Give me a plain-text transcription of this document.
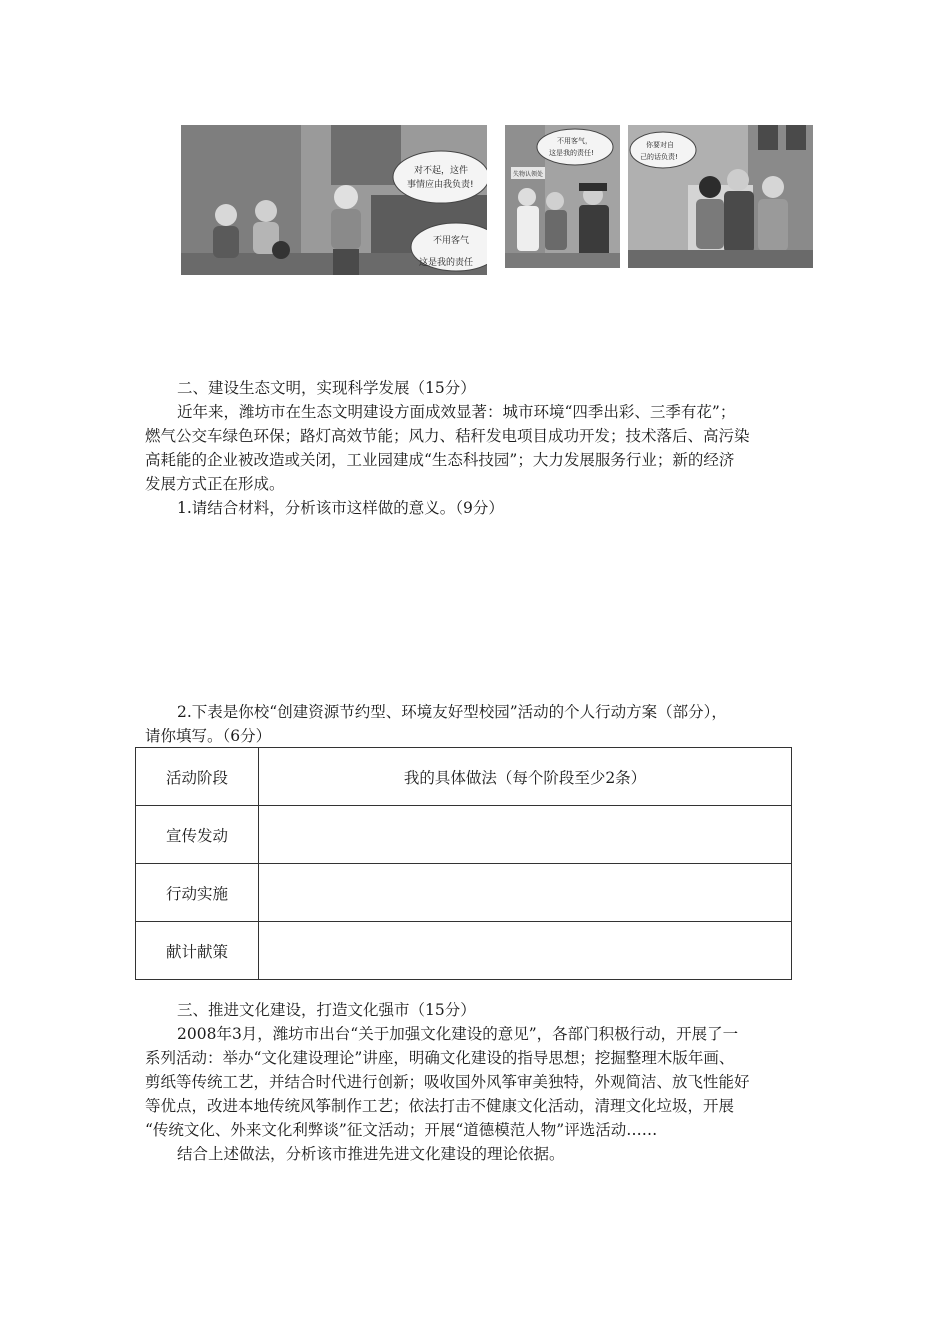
对不起，这件
事情应由我负责!
不用客气
这是我的责任
失物认领处
不用客气，
这是我的责任!
你要对自
己的话负责!

二、建设生态文明，实现科学发展（15分）

近年来，潍坊市在生态文明建设方面成效显著：城市环境“四季出彩、三季有花”；

燃气公交车绿色环保；路灯高效节能；风力、秸秆发电项目成功开发；技术落后、高污染

高耗能的企业被改造或关闭，工业园建成“生态科技园”；大力发展服务行业；新的经济

发展方式正在形成。

1.请结合材料，分析该市这样做的意义。（9分）

2.下表是你校“创建资源节约型、环境友好型校园”活动的个人行动方案（部分），

请你填写。（6分）

活动阶段	我的具体做法（每个阶段至少2条）
宣传发动	
行动实施	
献计献策	

三、推进文化建设，打造文化强市（15分）

2008年3月，潍坊市出台“关于加强文化建设的意见”，各部门积极行动，开展了一

系列活动：举办“文化建设理论”讲座，明确文化建设的指导思想；挖掘整理木版年画、

剪纸等传统工艺，并结合时代进行创新；吸收国外风筝审美独特，外观简洁、放飞性能好

等优点，改进本地传统风筝制作工艺；依法打击不健康文化活动，清理文化垃圾，开展

“传统文化、外来文化利弊谈”征文活动；开展“道德模范人物”评选活动……

结合上述做法，分析该市推进先进文化建设的理论依据。
